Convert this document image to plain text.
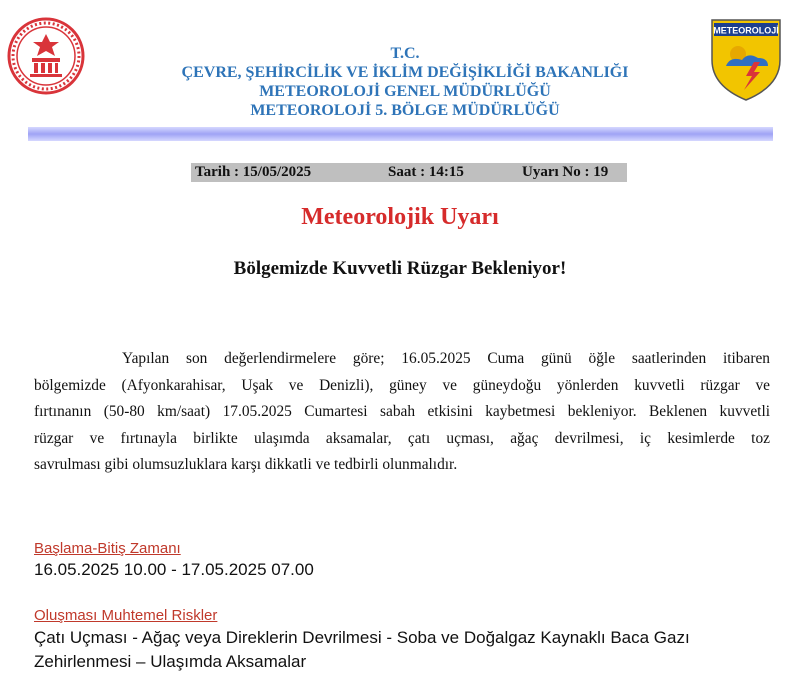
T.C.
ÇEVRE, ŞEHİRCİLİK VE İKLİM DEĞİŞİKLİĞİ BAKANLIĞI
METEOROLOJİ GENEL MÜDÜRLÜĞÜ
METEOROLOJİ 5. BÖLGE MÜDÜRLÜĞÜ
METEOROLOJİ
Tarih : 15/05/2025	Saat : 14:15	Uyarı No : 19
Meteorolojik Uyarı
Bölgemizde Kuvvetli Rüzgar Bekleniyor!
Yapılan son değerlendirmelere göre; 16.05.2025 Cuma günü öğle saatlerinden itibaren
bölgemizde (Afyonkarahisar, Uşak ve Denizli), güney ve güneydoğu yönlerden kuvvetli rüzgar ve
fırtınanın (50-80 km/saat) 17.05.2025 Cumartesi sabah etkisini kaybetmesi bekleniyor. Beklenen kuvvetli
rüzgar ve fırtınayla birlikte ulaşımda aksamalar, çatı uçması, ağaç devrilmesi, iç kesimlerde toz
savrulması gibi olumsuzluklara karşı dikkatli ve tedbirli olunmalıdır.
Başlama-Bitiş Zamanı
16.05.2025 10.00 - 17.05.2025 07.00
Oluşması Muhtemel Riskler
Çatı Uçması - Ağaç veya Direklerin Devrilmesi - Soba ve Doğalgaz Kaynaklı Baca Gazı
Zehirlenmesi – Ulaşımda Aksamalar
